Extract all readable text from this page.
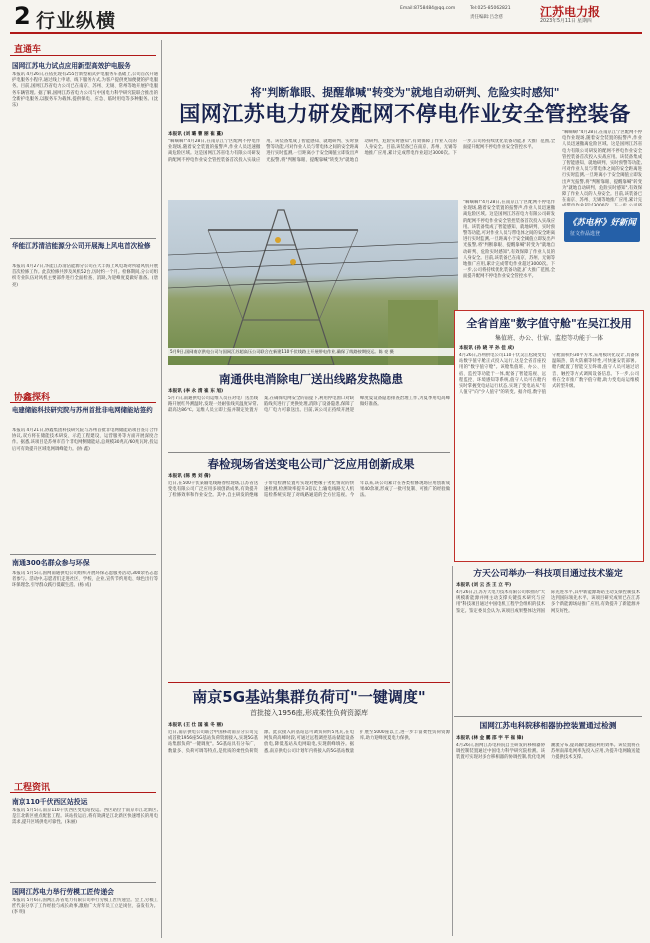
2 行业纵横
Email:8758484@qq.com	Tel:025-85062821
责任编辑:吕念慈	江苏电力报
2023年5月11日 星期四
直通车
国网江苏电力试点应用新型高效护电服务
本报讯 4月26日,在依托现有255台新型箱式护电服务车基础上,公司首次开通护电服务小程序,通过线上申请、线下服务方式,为客户提供更加便捷的护电服务。目前,国网江苏省电力公司已在南京、苏州、无锡、常州等地开展护电服务车辆管理。据了解,国网江苏省电力公司与中国电力科学研究院联合推出的全新护电服务,以服务车为载体,提供保电、应急、临时用电等多种服务。(沈 乐)
华能江苏清洁能源分公司开展海上风电首次检修
本报讯 4月27日,华能江苏清洁能源分公司在大丰海上风电场对所辖风机开展首次检修工作。此次检修共涉及风机52台,历时约一个月。检修期间,分公司组织专业队伍对风机主要部件进行全面检查、消缺,为迎峰度夏做好准备。(唐 亮)
协鑫探科
电建储能科技研究院与苏州首批非电网储能站签约
本报讯 4月21日,协鑫集团科技研究院与苏州首批非电网储能站项目签订合作协议,双方将在储能技术研发、示范工程建设、运营服务等方面开展深度合作。据悉,该项目是苏州市首个非电网侧储能站,总规模30兆瓦/60兆瓦时,投运后可有效提升区域电网调峰能力。(协 鑫)
南通300名群众参与环保
本报讯 5月5日,国网南通供电公司组织开展环保志愿服务活动,300余名志愿者参与。活动中,志愿者们走进社区、学校、企业,宣传节约用电、绿色出行等环保理念,引导群众践行低碳生活。(杨 成)
工程资讯
南京110千伏西区站投运
本报讯 5月5日,南京110千伏西区变电站投运。西区站位于南京市江北新区,是江北新区重点配套工程。该站投运后,将有效满足江北新区快速增长的用电需求,提升区域供电可靠性。(朱丽)
国网江苏电力举行劳模工匠传递会
本报讯 5月6日,国网江苏省电力有限公司举行劳模工匠传递会。会上,劳模工匠代表分享了工作经验与成长故事,激励广大青年员工立足岗位、奋发有为。(李 明)
将"判断靠眼、提醒靠喊"转变为"就地自动研判、危险实时感知"
国网江苏电力研发配网不停电作业安全管控装备
本报讯 (刘 璐 曹 丽 崔 蔓)
"嘀嘀嘀!"4月28日,在南京江宁区配网不停电作业现场,随着安全装置的报警声,作业人员迅速撤离危险区域。这是国网江苏省电力有限公司研发的配网不停电作业安全管控装备首次投入实战应用。该装备集成了智能感知、就地研判、实时预警等功能,可对作业人员与带电体之间的安全距离进行实时监测,一旦距离小于安全阈值立即发出声光报警,将"判断靠眼、提醒靠喊"转变为"就地自动研判、危险实时感知",有效保障了作业人员的人身安全。目前,该装备已在南京、苏州、无锡等地推广应用,累计完成带电作业超过3000次。下一步,公司将持续优化装备功能,扩大推广范围,全面提升配网不停电作业安全管控水平。
"嘀嘀嘀!"4月28日,在南京江宁区配网不停电作业现场,随着安全装置的报警声,作业人员迅速撤离危险区域。这是国网江苏省电力有限公司研发的配网不停电作业安全管控装备首次投入实战应用。该装备集成了智能感知、就地研判、实时预警等功能,可对作业人员与带电体之间的安全距离进行实时监测,一旦距离小于安全阈值立即发出声光报警,将"判断靠眼、提醒靠喊"转变为"就地自动研判、危险实时感知",有效保障了作业人员的人身安全。目前,该装备已在南京、苏州、无锡等地推广应用,累计完
《苏电杯》好新闻
征文作品选登
5月9日,国网南京供电公司与国网江苏超高压公司联合在新建110千伏线路上开展带电作业,确保了线路按期投运。陈 亮 摄
"嘀嘀嘀!"4月28日,在南京江宁区配网不停电作业现场,随着安全装置的报警声,作业人员迅速撤离危险区域。这是国网江苏省电力有限公司研发的配网不停电作业安全管控装备首次投入实战应用。该装备集成了智能感知、就地研判、实时预警等功能,可对作业人员与带电体之间的安全距离进行实时监测,一旦距离小于安全阈值立即发出声光报警,将"判断靠眼、提醒靠喊"转变为"就地自动研判、危险实时感知",有效保障了作业人员的人身安全。目前,该装备已在南京、苏州、无锡等地推广应用,累计完成带电作业超过3000次。下一步,公司将持续优化装备功能,扩大推广范围,全面提升配网不停电作业安全管控水平。
全省首座"数字值守舱"在吴江投用
集值班、办公、仕宿、监控等功能于一体
本报讯 (孙 晓 平 孙 佳 成)
4月26日,苏州供电公司110千伏吴江松陵变电站数字值守舱正式投入运行,这是全省首座投用的"数字值守舱"。该舱集值班、办公、住宿、监控等功能于一体,配备了智能巡视、远程监控、环境感知等系统,值守人员可在舱内实时掌握变电站运行状态,实现了变电站从"有人值守"向"少人值守"的转变。据介绍,数字值守舱面积约30平方米,采用模块化设计,具备保温隔热、防火防潮等特性,可快速安装部署。舱内配置了智能交互终端,值守人员可通过语音、触控等方式调阅设备信息。下一步,公司将在全市推广数字值守舱,助力变电站运维模式转型升级。
南通供电消除电厂送出线路发热隐患
本报讯 (李 永 清 崔 东 旭)
5月7日,南通供电公司运维人员在对电厂送出线路开展红外测温时,发现一处耐张线夹温度异常,最高达86℃。运维人员立即上报并制定处置方案,在确保电网安全的前提下,利用停电窗口对缺陷线夹进行了更换处理,消除了设备隐患,保障了电厂电力可靠送出。目前,该公司正持续开展迎峰度夏设备隐患排查治理工作,为夏季用电高峰做好准备。
春检现场省送变电公司广泛应用创新成果
本报讯 (陈 勇 刘 倩)
近日,在500千伏某输电线路春检现场,江苏省送变电有限公司广泛应用多项创新成果,有效提升了检修效率和作业安全。其中,自主研发的绝缘子带电检测装置可实现对绝缘子劣化情况的快速检测,检测效率提升3倍以上;输电线路无人机巡检系统实现了对线路通道的全方位巡视。今年以来,该公司累计在各类检修现场应用创新成果40余项,形成了一批可复制、可推广的经验做法。
方天公司举办一科技项目通过技术鉴定
本报讯 (刘 云 杰 王 立 平)
4月26日,江苏方天电力技术有限公司承担的"大规模新能源并网主动支撑关键技术研究与应用"科技项目通过中国电机工程学会组织的技术鉴定。鉴定委员会认为,该项目成果整体达到国际先进水平,其中新能源场站主动支撑控制技术达到国际领先水平。该项目研究成果已在江苏多个新能源场站推广应用,有效提升了新能源并网友好性。
国网江苏电科院移相器协控装置通过检测
本报讯 (林 金 鹏 邵 宇 平 崔 锋)
4月26日,国网江苏电科院自主研发的移相器协调控制装置通过中国电力科学研究院检测。该装置可实现对多台移相器的协调控制,优化电网潮流分布,提高输电通道利用效率。该装置将在苏州南部电网率先投入应用,为提升电网输送能力提供技术支撑。
南京5G基站集群负荷可"一键调度"
首批接入1956座,形成柔性负荷资源库
本报讯 (王 仕 国 崔 冬 丽)
近日,南京供电公司联合中国移动南京分公司完成首批1956座5G基站负荷资源接入,实现5G基站集群负荷"一键调度"。5G基站具有分布广、数量多、负荷可调等特点,是优质的柔性负荷资源。此次接入的基站总可调负荷约5兆瓦,在电网负荷高峰时段,可通过远程调控基站储能设备放电,降低基站从电网取电,实现削峰填谷。据悉,南京供电公司计划年内将接入的5G基站数量扩展至5000座以上,进一步丰富柔性负荷资源库,助力迎峰度夏电力保供。
